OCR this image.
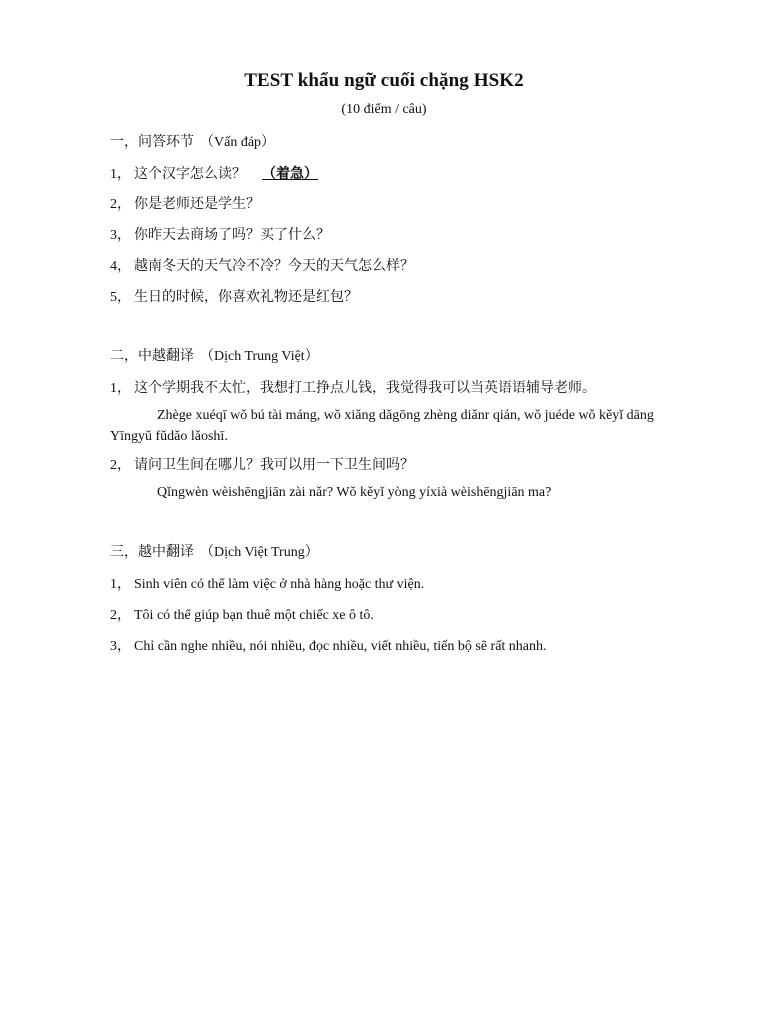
TEST khẩu ngữ cuối chặng HSK2
(10 điểm / câu)
一，问答环节 （Vấn đáp）
1， 这个汉字怎么读？ （着急）
2， 你是老师还是学生？
3， 你昨天去商场了吗？买了什么？
4， 越南冬天的天气冷不冷？今天的天气怎么样？
5， 生日的时候，你喜欢礼物还是红包？
二，中越翻译 （Dịch Trung Việt）
1， 这个学期我不太忙，我想打工挣点儿钱，我觉得我可以当英语语辅导老师。
Zhège xuéqī wǒ bú tài máng, wǒ xiǎng dǎgōng zhèng diǎnr qián, wǒ juéde wǒ kěyǐ dāng Yīngyǔ fǔdǎo lǎoshī.
2， 请问卫生间在哪儿？我可以用一下卫生间吗？
Qǐngwèn wèishēngjiān zài nǎr? Wǒ kěyǐ yòng yíxià wèishēngjiān ma?
三，越中翻译 （Dịch Việt Trung）
1， Sinh viên có thể làm việc ở nhà hàng hoặc thư viện.
2， Tôi có thể giúp bạn thuê một chiếc xe ô tô.
3， Chỉ cần nghe nhiều, nói nhiều, đọc nhiều, viết nhiều, tiến bộ sẽ rất nhanh.
